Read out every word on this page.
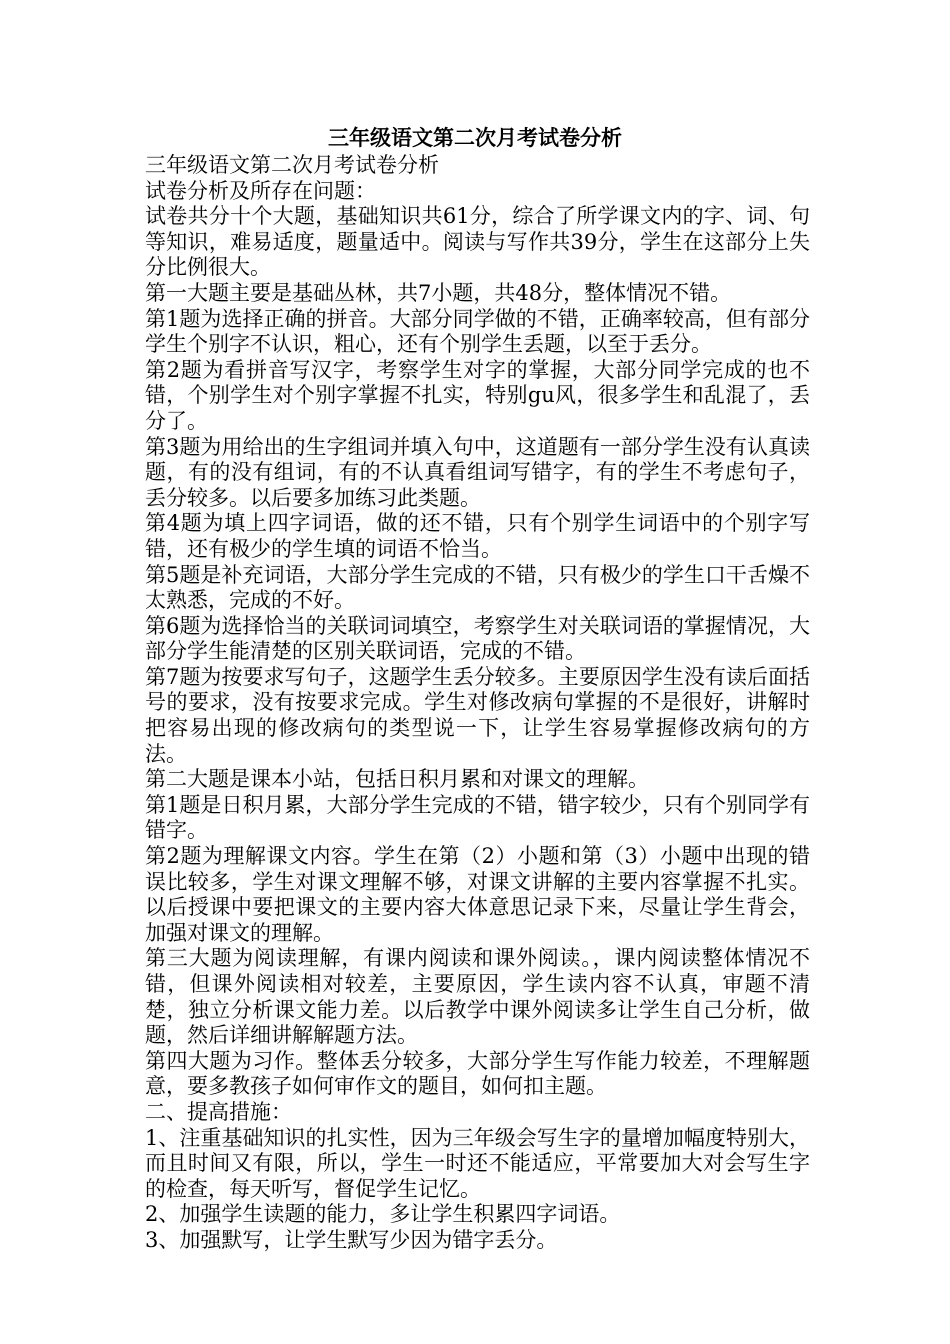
三年级语文第二次月考试卷分析

三年级语文第二次月考试卷分析

试卷分析及所存在问题：

试卷共分十个大题，基础知识共61分，综合了所学课文内的字、词、句等知识，难易适度，题量适中。阅读与写作共39分，学生在这部分上失分比例很大。

第一大题主要是基础丛林，共7小题，共48分，整体情况不错。

第1题为选择正确的拼音。大部分同学做的不错，正确率较高，但有部分学生个别字不认识，粗心，还有个别学生丢题，以至于丢分。

第2题为看拼音写汉字，考察学生对字的掌握，大部分同学完成的也不错，个别学生对个别字掌握不扎实，特别gu风，很多学生和乱混了，丢分了。

第3题为用给出的生字组词并填入句中，这道题有一部分学生没有认真读题，有的没有组词，有的不认真看组词写错字，有的学生不考虑句子，丢分较多。以后要多加练习此类题。

第4题为填上四字词语，做的还不错，只有个别学生词语中的个别字写错，还有极少的学生填的词语不恰当。

第5题是补充词语，大部分学生完成的不错，只有极少的学生口干舌燥不太熟悉，完成的不好。

第6题为选择恰当的关联词词填空，考察学生对关联词语的掌握情况，大部分学生能清楚的区别关联词语，完成的不错。

第7题为按要求写句子，这题学生丢分较多。主要原因学生没有读后面括号的要求，没有按要求完成。学生对修改病句掌握的不是很好，讲解时把容易出现的修改病句的类型说一下，让学生容易掌握修改病句的方法。

第二大题是课本小站，包括日积月累和对课文的理解。

第1题是日积月累，大部分学生完成的不错，错字较少，只有个别同学有错字。

第2题为理解课文内容。学生在第（2）小题和第（3）小题中出现的错误比较多，学生对课文理解不够，对课文讲解的主要内容掌握不扎实。以后授课中要把课文的主要内容大体意思记录下来，尽量让学生背会，加强对课文的理解。

第三大题为阅读理解，有课内阅读和课外阅读。，课内阅读整体情况不错，但课外阅读相对较差，主要原因，学生读内容不认真，审题不清楚，独立分析课文能力差。以后教学中课外阅读多让学生自己分析，做题，然后详细讲解解题方法。

第四大题为习作。整体丢分较多，大部分学生写作能力较差，不理解题意，要多教孩子如何审作文的题目，如何扣主题。

二、提高措施：

1、注重基础知识的扎实性，因为三年级会写生字的量增加幅度特别大，而且时间又有限，所以，学生一时还不能适应，平常要加大对会写生字的检查，每天听写，督促学生记忆。

2、加强学生读题的能力，多让学生积累四字词语。

3、加强默写，让学生默写少因为错字丢分。
